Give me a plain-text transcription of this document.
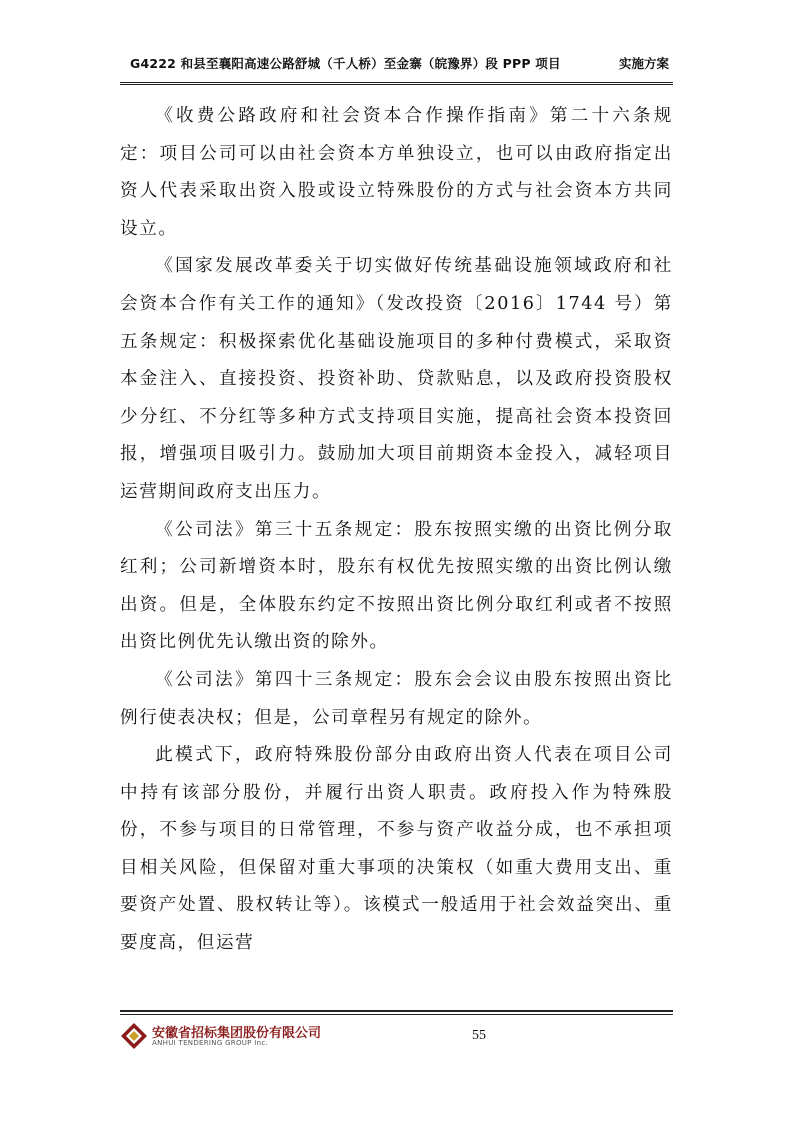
G4222 和县至襄阳高速公路舒城（千人桥）至金寨（皖豫界）段 PPP 项目	实施方案

《收费公路政府和社会资本合作操作指南》第二十六条规定：项目公司可以由社会资本方单独设立，也可以由政府指定出资人代表采取出资入股或设立特殊股份的方式与社会资本方共同设立。

《国家发展改革委关于切实做好传统基础设施领域政府和社会资本合作有关工作的通知》（发改投资〔2016〕1744 号）第五条规定：积极探索优化基础设施项目的多种付费模式，采取资本金注入、直接投资、投资补助、贷款贴息，以及政府投资股权少分红、不分红等多种方式支持项目实施，提高社会资本投资回报，增强项目吸引力。鼓励加大项目前期资本金投入，减轻项目运营期间政府支出压力。

《公司法》第三十五条规定：股东按照实缴的出资比例分取红利；公司新增资本时，股东有权优先按照实缴的出资比例认缴出资。但是，全体股东约定不按照出资比例分取红利或者不按照出资比例优先认缴出资的除外。

《公司法》第四十三条规定：股东会会议由股东按照出资比例行使表决权；但是，公司章程另有规定的除外。

此模式下，政府特殊股份部分由政府出资人代表在项目公司中持有该部分股份，并履行出资人职责。政府投入作为特殊股份，不参与项目的日常管理，不参与资产收益分成，也不承担项目相关风险，但保留对重大事项的决策权（如重大费用支出、重要资产处置、股权转让等）。该模式一般适用于社会效益突出、重要度高，但运营

安徽省招标集团股份有限公司
ANHUI TENDERING GROUP Inc.	55
